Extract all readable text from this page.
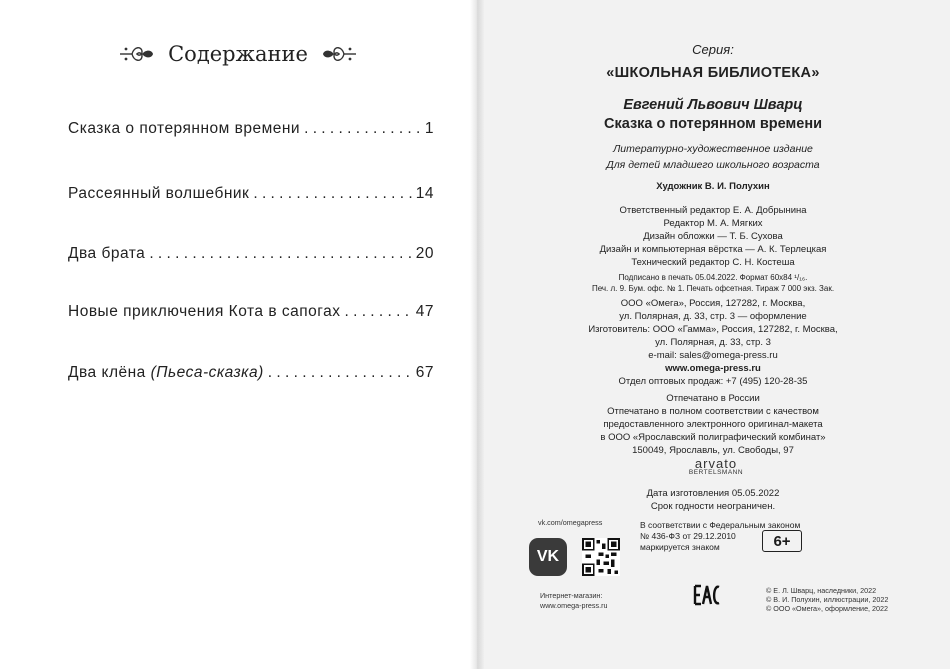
Содержание
Сказка о потерянном времени . . .	1
Рассеянный волшебник . . .	14
Два брата . . .	20
Новые приключения Кота в сапогах . . .	47
Два клёна (Пьеса-сказка) . . .	67
Серия:
«ШКОЛЬНАЯ БИБЛИОТЕКА»
Евгений Львович Шварц
Сказка о потерянном времени
Литературно-художественное издание
Для детей младшего школьного возраста
Художник В. И. Полухин
Ответственный редактор Е. А. Добрынина
Редактор М. А. Мягких
Дизайн обложки — Т. Б. Сухова
Дизайн и компьютерная вёрстка — А. К. Терлецкая
Технический редактор С. Н. Костеша
Подписано в печать 05.04.2022. Формат 60x84 ¹/₁₆.
Печ. л. 9. Бум. офс. № 1. Печать офсетная. Тираж 7 000 экз. Зак.
ООО «Омега», Россия, 127282, г. Москва,
ул. Полярная, д. 33, стр. 3 — оформление
Изготовитель: ООО «Гамма», Россия, 127282, г. Москва,
ул. Полярная, д. 33, стр. 3
e-mail: sales@omega-press.ru
www.omega-press.ru
Отдел оптовых продаж: +7 (495) 120-28-35
Отпечатано в России
Отпечатано в полном соответствии с качеством
предоставленного электронного оригинал-макета
в ООО «Ярославский полиграфический комбинат»
150049, Ярославль, ул. Свободы, 97
Дата изготовления 05.05.2022
Срок годности неограничен.
arvato
BERTELSMANN
vk.com/omegapress
VK
Интернет-магазин:
www.omega-press.ru
В соответствии с Федеральным законом
№ 436-ФЗ от 29.12.2010
маркируется знаком	6+
© Е. Л. Шварц, наследники, 2022
© В. И. Полухин, иллюстрации, 2022
© ООО «Омега», оформление, 2022
